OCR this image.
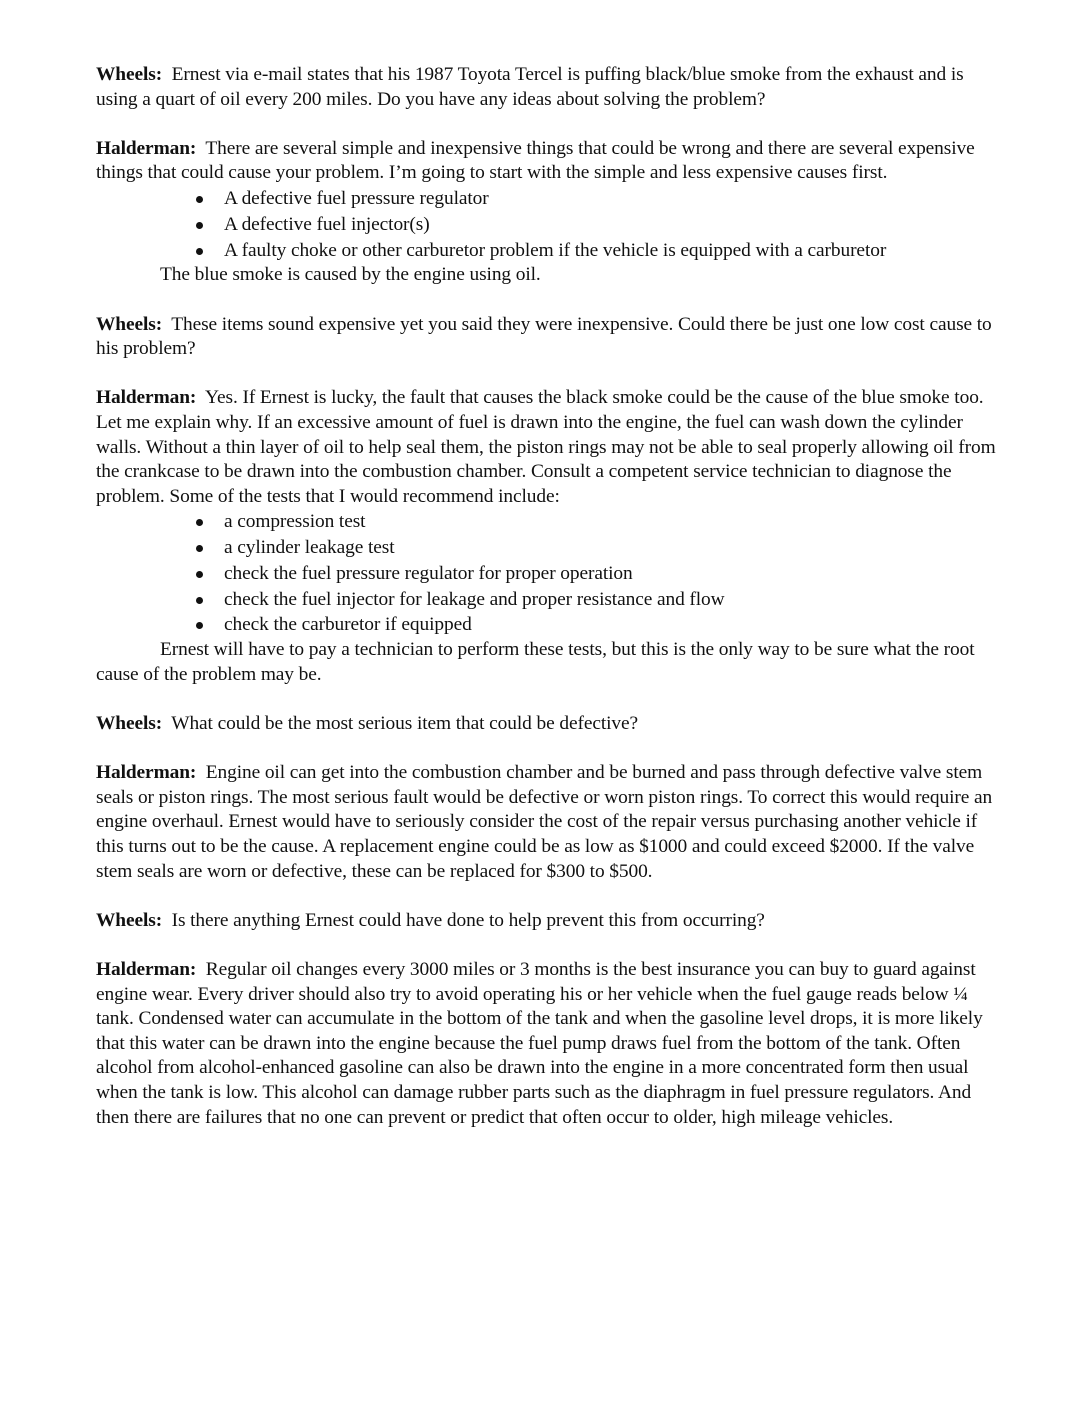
Wheels: Ernest via e-mail states that his 1987 Toyota Tercel is puffing black/blue smoke from the exhaust and is using a quart of oil every 200 miles. Do you have any ideas about solving the problem?

Halderman: There are several simple and inexpensive things that could be wrong and there are several expensive things that could cause your problem. I’m going to start with the simple and less expensive causes first.

A defective fuel pressure regulator
A defective fuel injector(s)
A faulty choke or other carburetor problem if the vehicle is equipped with a carburetor

The blue smoke is caused by the engine using oil.

Wheels: These items sound expensive yet you said they were inexpensive. Could there be just one low cost cause to his problem?

Halderman: Yes. If Ernest is lucky, the fault that causes the black smoke could be the cause of the blue smoke too. Let me explain why. If an excessive amount of fuel is drawn into the engine, the fuel can wash down the cylinder walls. Without a thin layer of oil to help seal them, the piston rings may not be able to seal properly allowing oil from the crankcase to be drawn into the combustion chamber. Consult a competent service technician to diagnose the problem. Some of the tests that I would recommend include:

a compression test
a cylinder leakage test
check the fuel pressure regulator for proper operation
check the fuel injector for leakage and proper resistance and flow
check the carburetor if equipped

Ernest will have to pay a technician to perform these tests, but this is the only way to be sure what the root cause of the problem may be.

Wheels: What could be the most serious item that could be defective?

Halderman: Engine oil can get into the combustion chamber and be burned and pass through defective valve stem seals or piston rings. The most serious fault would be defective or worn piston rings. To correct this would require an engine overhaul. Ernest would have to seriously consider the cost of the repair versus purchasing another vehicle if this turns out to be the cause. A replacement engine could be as low as $1000 and could exceed $2000. If the valve stem seals are worn or defective, these can be replaced for $300 to $500.

Wheels: Is there anything Ernest could have done to help prevent this from occurring?

Halderman: Regular oil changes every 3000 miles or 3 months is the best insurance you can buy to guard against engine wear. Every driver should also try to avoid operating his or her vehicle when the fuel gauge reads below ¼ tank. Condensed water can accumulate in the bottom of the tank and when the gasoline level drops, it is more likely that this water can be drawn into the engine because the fuel pump draws fuel from the bottom of the tank. Often alcohol from alcohol-enhanced gasoline can also be drawn into the engine in a more concentrated form then usual when the tank is low. This alcohol can damage rubber parts such as the diaphragm in fuel pressure regulators. And then there are failures that no one can prevent or predict that often occur to older, high mileage vehicles.
